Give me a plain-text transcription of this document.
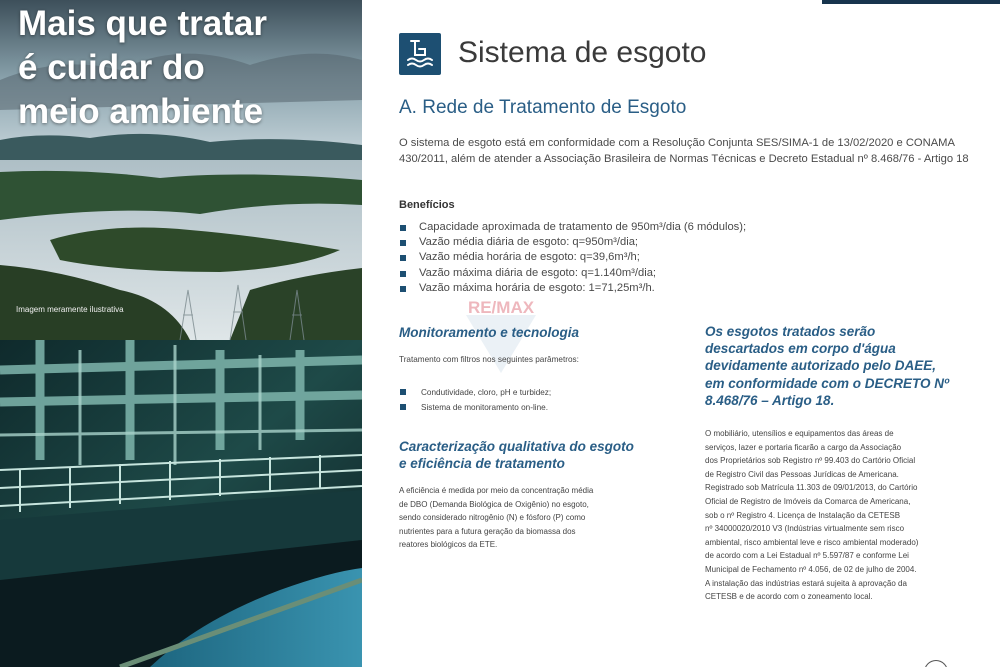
Mais que tratar
é cuidar do
meio ambiente
Imagem meramente ilustrativa
Sistema de esgoto
A. Rede de Tratamento de Esgoto

O sistema de esgoto está em conformidade com a Resolução Conjunta SES/SIMA-1 de 13/02/2020 e CONAMA 430/2011, além de atender a Associação Brasileira de Normas Técnicas e Decreto Estadual nº 8.468/76 - Artigo 18

Benefícios
Capacidade aproximada de tratamento de 950m³/dia (6 módulos);
Vazão média diária de esgoto: q=950m³/dia;
Vazão média horária de esgoto: q=39,6m³/h;
Vazão máxima diária de esgoto: q=1.140m³/dia;
Vazão máxima horária de esgoto: 1=71,25m³/h.
RE/MAX
Monitoramento e tecnologia
Tratamento com filtros nos seguintes parâmetros:
Condutividade, cloro, pH e turbidez;
Sistema de monitoramento on-line.
Caracterização qualitativa do esgoto
e eficiência de tratamento
A eficiência é medida por meio da concentração média
de DBO (Demanda Biológica de Oxigênio) no esgoto,
sendo considerado nitrogênio (N) e fósforo (P) como
nutrientes para a futura geração da biomassa dos
reatores biológicos da ETE.
Os esgotos tratados serão
descartados em corpo d'água
devidamente autorizado pelo DAEE,
em conformidade com o DECRETO Nº
8.468/76 – Artigo 18.
O mobiliário, utensílios e equipamentos das áreas de
serviços, lazer e portaria ficarão a cargo da Associação
dos Proprietários sob Registro nº 99.403 do Cartório Oficial
de Registro Civil das Pessoas Jurídicas de Americana.
Registrado sob Matrícula 11.303 de 09/01/2013, do Cartório
Oficial de Registro de Imóveis da Comarca de Americana,
sob o nº Registro 4. Licença de Instalação da CETESB
nº 34000020/2010 V3 (Indústrias virtualmente sem risco
ambiental, risco ambiental leve e risco ambiental moderado)
de acordo com a Lei Estadual nº 5.597/87 e conforme Lei
Municipal de Fechamento nº 4.056, de 02 de julho de 2004.
A instalação das indústrias estará sujeita à aprovação da
CETESB e de acordo com o zoneamento local.
